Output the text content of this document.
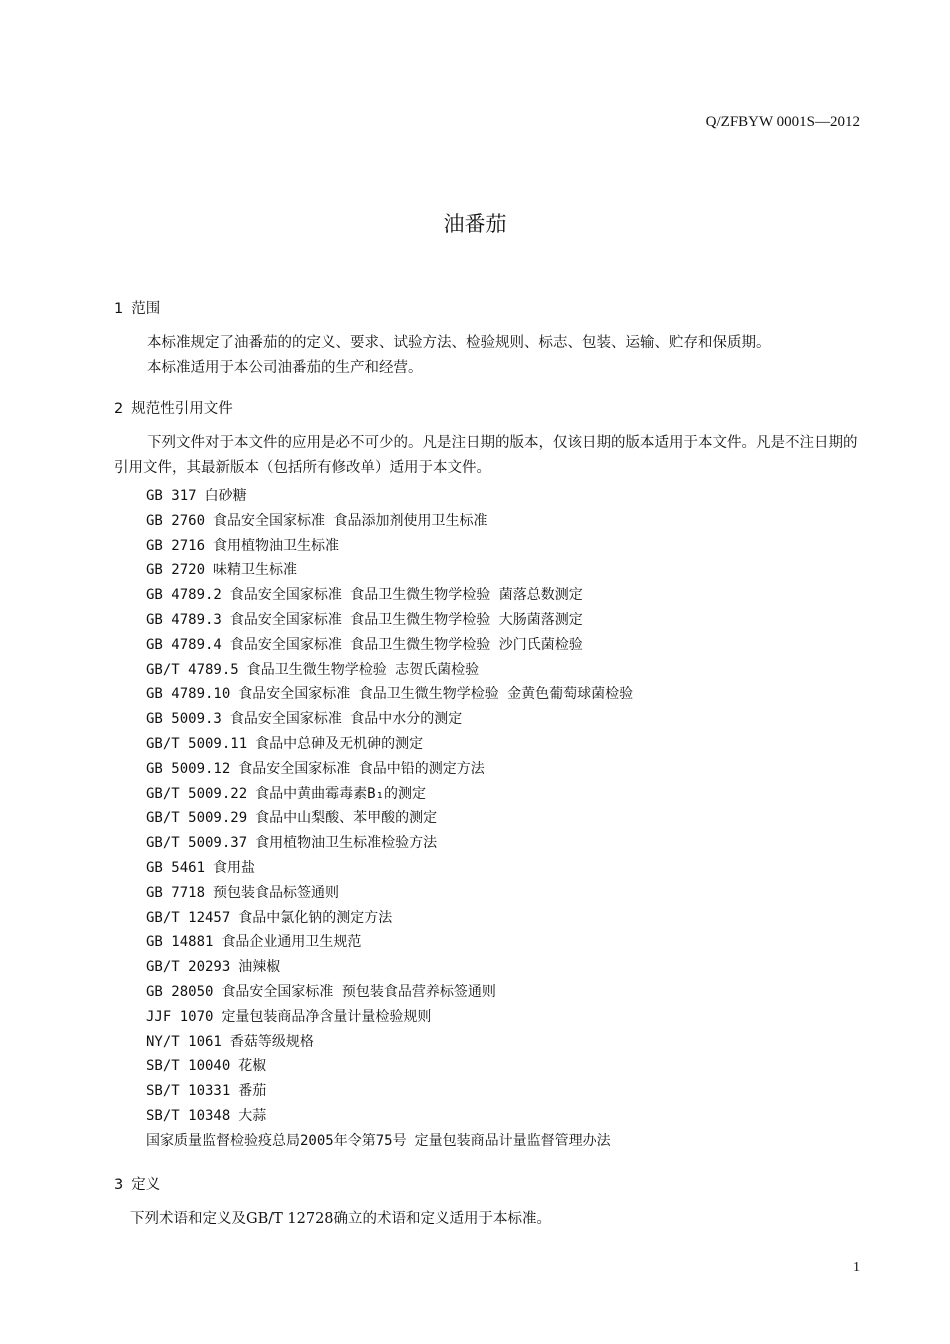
Q/ZFBYW 0001S—2012
油番茄
1 范围

本标准规定了油番茄的的定义、要求、试验方法、检验规则、标志、包装、运输、贮存和保质期。

本标准适用于本公司油番茄的生产和经营。

2 规范性引用文件

下列文件对于本文件的应用是必不可少的。凡是注日期的版本，仅该日期的版本适用于本文件。凡是不注日期的引用文件，其最新版本（包括所有修改单）适用于本文件。

GB 317 白砂糖
GB 2760 食品安全国家标准 食品添加剂使用卫生标准
GB 2716 食用植物油卫生标准
GB 2720 味精卫生标准
GB 4789.2 食品安全国家标准 食品卫生微生物学检验 菌落总数测定
GB 4789.3 食品安全国家标准 食品卫生微生物学检验 大肠菌落测定
GB 4789.4 食品安全国家标准 食品卫生微生物学检验 沙门氏菌检验
GB/T 4789.5 食品卫生微生物学检验 志贺氏菌检验
GB 4789.10 食品安全国家标准 食品卫生微生物学检验 金黄色葡萄球菌检验
GB 5009.3 食品安全国家标准 食品中水分的测定
GB/T 5009.11 食品中总砷及无机砷的测定
GB 5009.12 食品安全国家标准 食品中铅的测定方法
GB/T 5009.22 食品中黄曲霉毒素B₁的测定
GB/T 5009.29 食品中山梨酸、苯甲酸的测定
GB/T 5009.37 食用植物油卫生标准检验方法
GB 5461 食用盐
GB 7718 预包装食品标签通则
GB/T 12457 食品中氯化钠的测定方法
GB 14881 食品企业通用卫生规范
GB/T 20293 油辣椒
GB 28050 食品安全国家标准 预包装食品营养标签通则
JJF 1070 定量包装商品净含量计量检验规则
NY/T 1061 香菇等级规格
SB/T 10040 花椒
SB/T 10331 番茄
SB/T 10348 大蒜
国家质量监督检验疫总局2005年令第75号 定量包装商品计量监督管理办法
3 定义

下列术语和定义及GB/T 12728确立的术语和定义适用于本标准。

1
